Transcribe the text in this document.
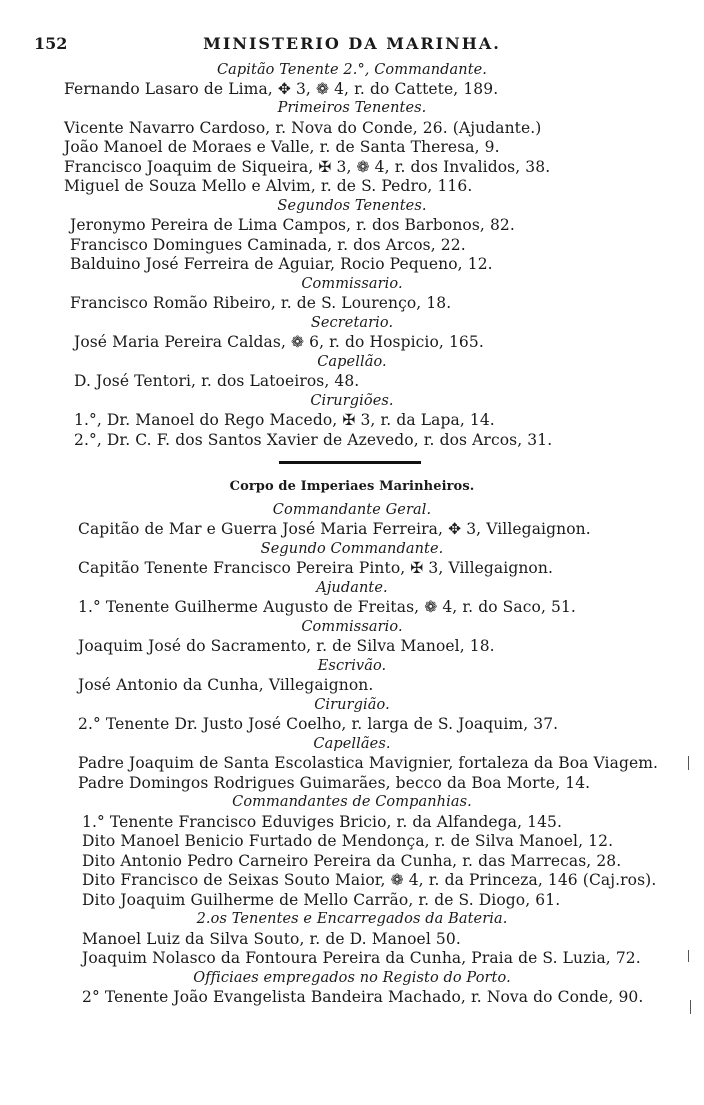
152	MINISTERIO DA MARINHA.
Capitão Tenente 2.°, Commandante.
Fernando Lasaro de Lima, ✥ 3, ❁ 4, r. do Cattete, 189.
Primeiros Tenentes.
Vicente Navarro Cardoso, r. Nova do Conde, 26. (Ajudante.)
João Manoel de Moraes e Valle, r. de Santa Theresa, 9.
Francisco Joaquim de Siqueira, ✠ 3, ❁ 4, r. dos Invalidos, 38.
Miguel de Souza Mello e Alvim, r. de S. Pedro, 116.
Segundos Tenentes.
Jeronymo Pereira de Lima Campos, r. dos Barbonos, 82.
Francisco Domingues Caminada, r. dos Arcos, 22.
Balduino José Ferreira de Aguiar, Rocio Pequeno, 12.
Commissario.
Francisco Romão Ribeiro, r. de S. Lourenço, 18.
Secretario.
José Maria Pereira Caldas, ❁ 6, r. do Hospicio, 165.
Capellão.
D. José Tentori, r. dos Latoeiros, 48.
Cirurgiões.
1.°, Dr. Manoel do Rego Macedo, ✠ 3, r. da Lapa, 14.
2.°, Dr. C. F. dos Santos Xavier de Azevedo, r. dos Arcos, 31.
Corpo de Imperiaes Marinheiros.
Commandante Geral.
Capitão de Mar e Guerra José Maria Ferreira, ✥ 3, Villegaignon.
Segundo Commandante.
Capitão Tenente Francisco Pereira Pinto, ✠ 3, Villegaignon.
Ajudante.
1.° Tenente Guilherme Augusto de Freitas, ❁ 4, r. do Saco, 51.
Commissario.
Joaquim José do Sacramento, r. de Silva Manoel, 18.
Escrivão.
José Antonio da Cunha, Villegaignon.
Cirurgião.
2.° Tenente Dr. Justo José Coelho, r. larga de S. Joaquim, 37.
Capellães.
Padre Joaquim de Santa Escolastica Mavignier, fortaleza da Boa Viagem.
Padre Domingos Rodrigues Guimarães, becco da Boa Morte, 14.
Commandantes de Companhias.
1.° Tenente Francisco Eduviges Bricio, r. da Alfandega, 145.
Dito Manoel Benicio Furtado de Mendonça, r. de Silva Manoel, 12.
Dito Antonio Pedro Carneiro Pereira da Cunha, r. das Marrecas, 28.
Dito Francisco de Seixas Souto Maior, ❁ 4, r. da Princeza, 146 (Caj.ros).
Dito Joaquim Guilherme de Mello Carrão, r. de S. Diogo, 61.
2.os Tenentes e Encarregados da Bateria.
Manoel Luiz da Silva Souto, r. de D. Manoel 50.
Joaquim Nolasco da Fontoura Pereira da Cunha, Praia de S. Luzia, 72.
Officiaes empregados no Registo do Porto.
2° Tenente João Evangelista Bandeira Machado, r. Nova do Conde, 90.
